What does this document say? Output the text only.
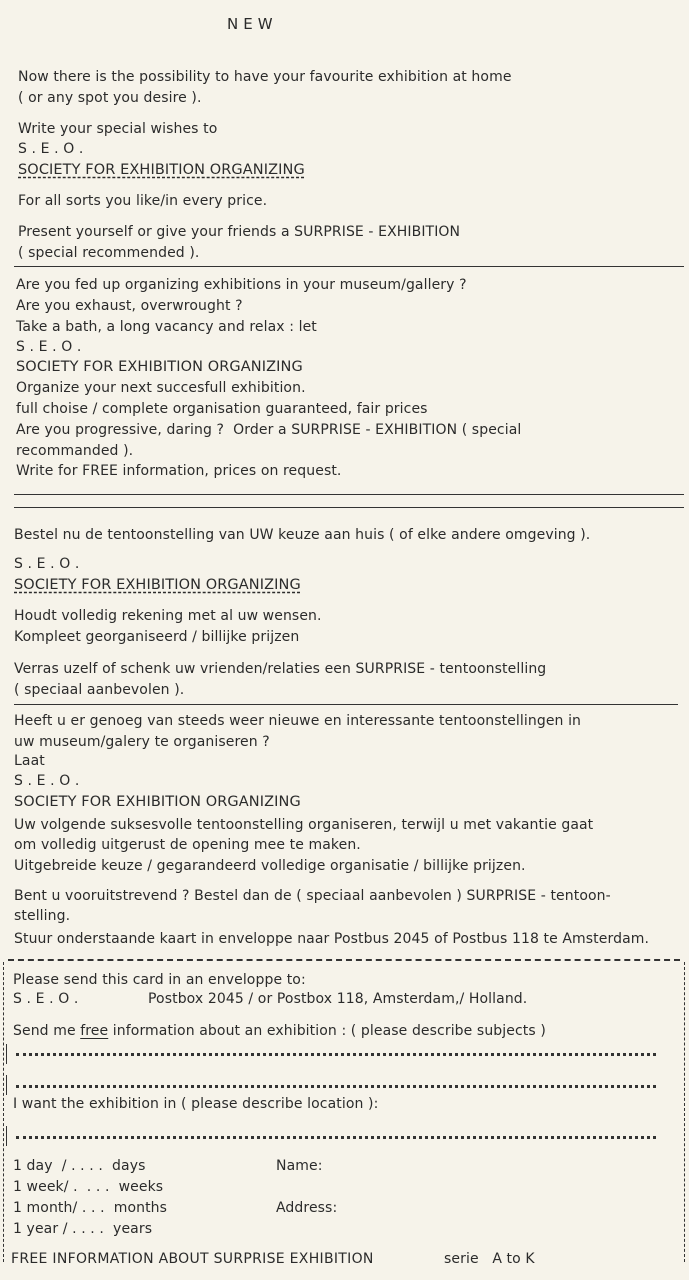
NEW
Now there is the possibility to have your favourite exhibition at home
( or any spot you desire ).
Write your special wishes to
S . E . O .
SOCIETY FOR EXHIBITION ORGANIZING
For all sorts you like/in every price.
Present yourself or give your friends a SURPRISE - EXHIBITION
( special recommended ).
Are you fed up organizing exhibitions in your museum/gallery ?
Are you exhaust, overwrought ?
Take a bath, a long vacancy and relax : let
S . E . O .
SOCIETY FOR EXHIBITION ORGANIZING
Organize your next succesfull exhibition.
full choise / complete organisation guaranteed, fair prices
Are you progressive, daring ?  Order a SURPRISE - EXHIBITION ( special
recommanded ).
Write for FREE information, prices on request.
Bestel nu de tentoonstelling van UW keuze aan huis ( of elke andere omgeving ).
S . E . O .
SOCIETY FOR EXHIBITION ORGANIZING
Houdt volledig rekening met al uw wensen.
Kompleet georganiseerd / billijke prijzen
Verras uzelf of schenk uw vrienden/relaties een SURPRISE - tentoonstelling
( speciaal aanbevolen ).
Heeft u er genoeg van steeds weer nieuwe en interessante tentoonstellingen in
uw museum/galery te organiseren ?
Laat
S . E . O .
SOCIETY FOR EXHIBITION ORGANIZING
Uw volgende suksesvolle tentoonstelling organiseren, terwijl u met vakantie gaat
om volledig uitgerust de opening mee te maken.
Uitgebreide keuze / gegarandeerd volledige organisatie / billijke prijzen.
Bent u vooruitstrevend ? Bestel dan de ( speciaal aanbevolen ) SURPRISE - tentoon-
stelling.
Stuur onderstaande kaart in enveloppe naar Postbus 2045 of Postbus 118 te Amsterdam.
Please send this card in an enveloppe to:
S . E . O .	Postbox 2045 / or Postbox 118, Amsterdam,/ Holland.
Send me free information about an exhibition : ( please describe subjects )
I want the exhibition in ( please describe location ):
1 day  / . . . .  days
1 week/ .  . . .  weeks
1 month/ . . .  months
1 year / . . . .  years
Name:
Address:
FREE INFORMATION ABOUT SURPRISE EXHIBITION	serie   A to K
